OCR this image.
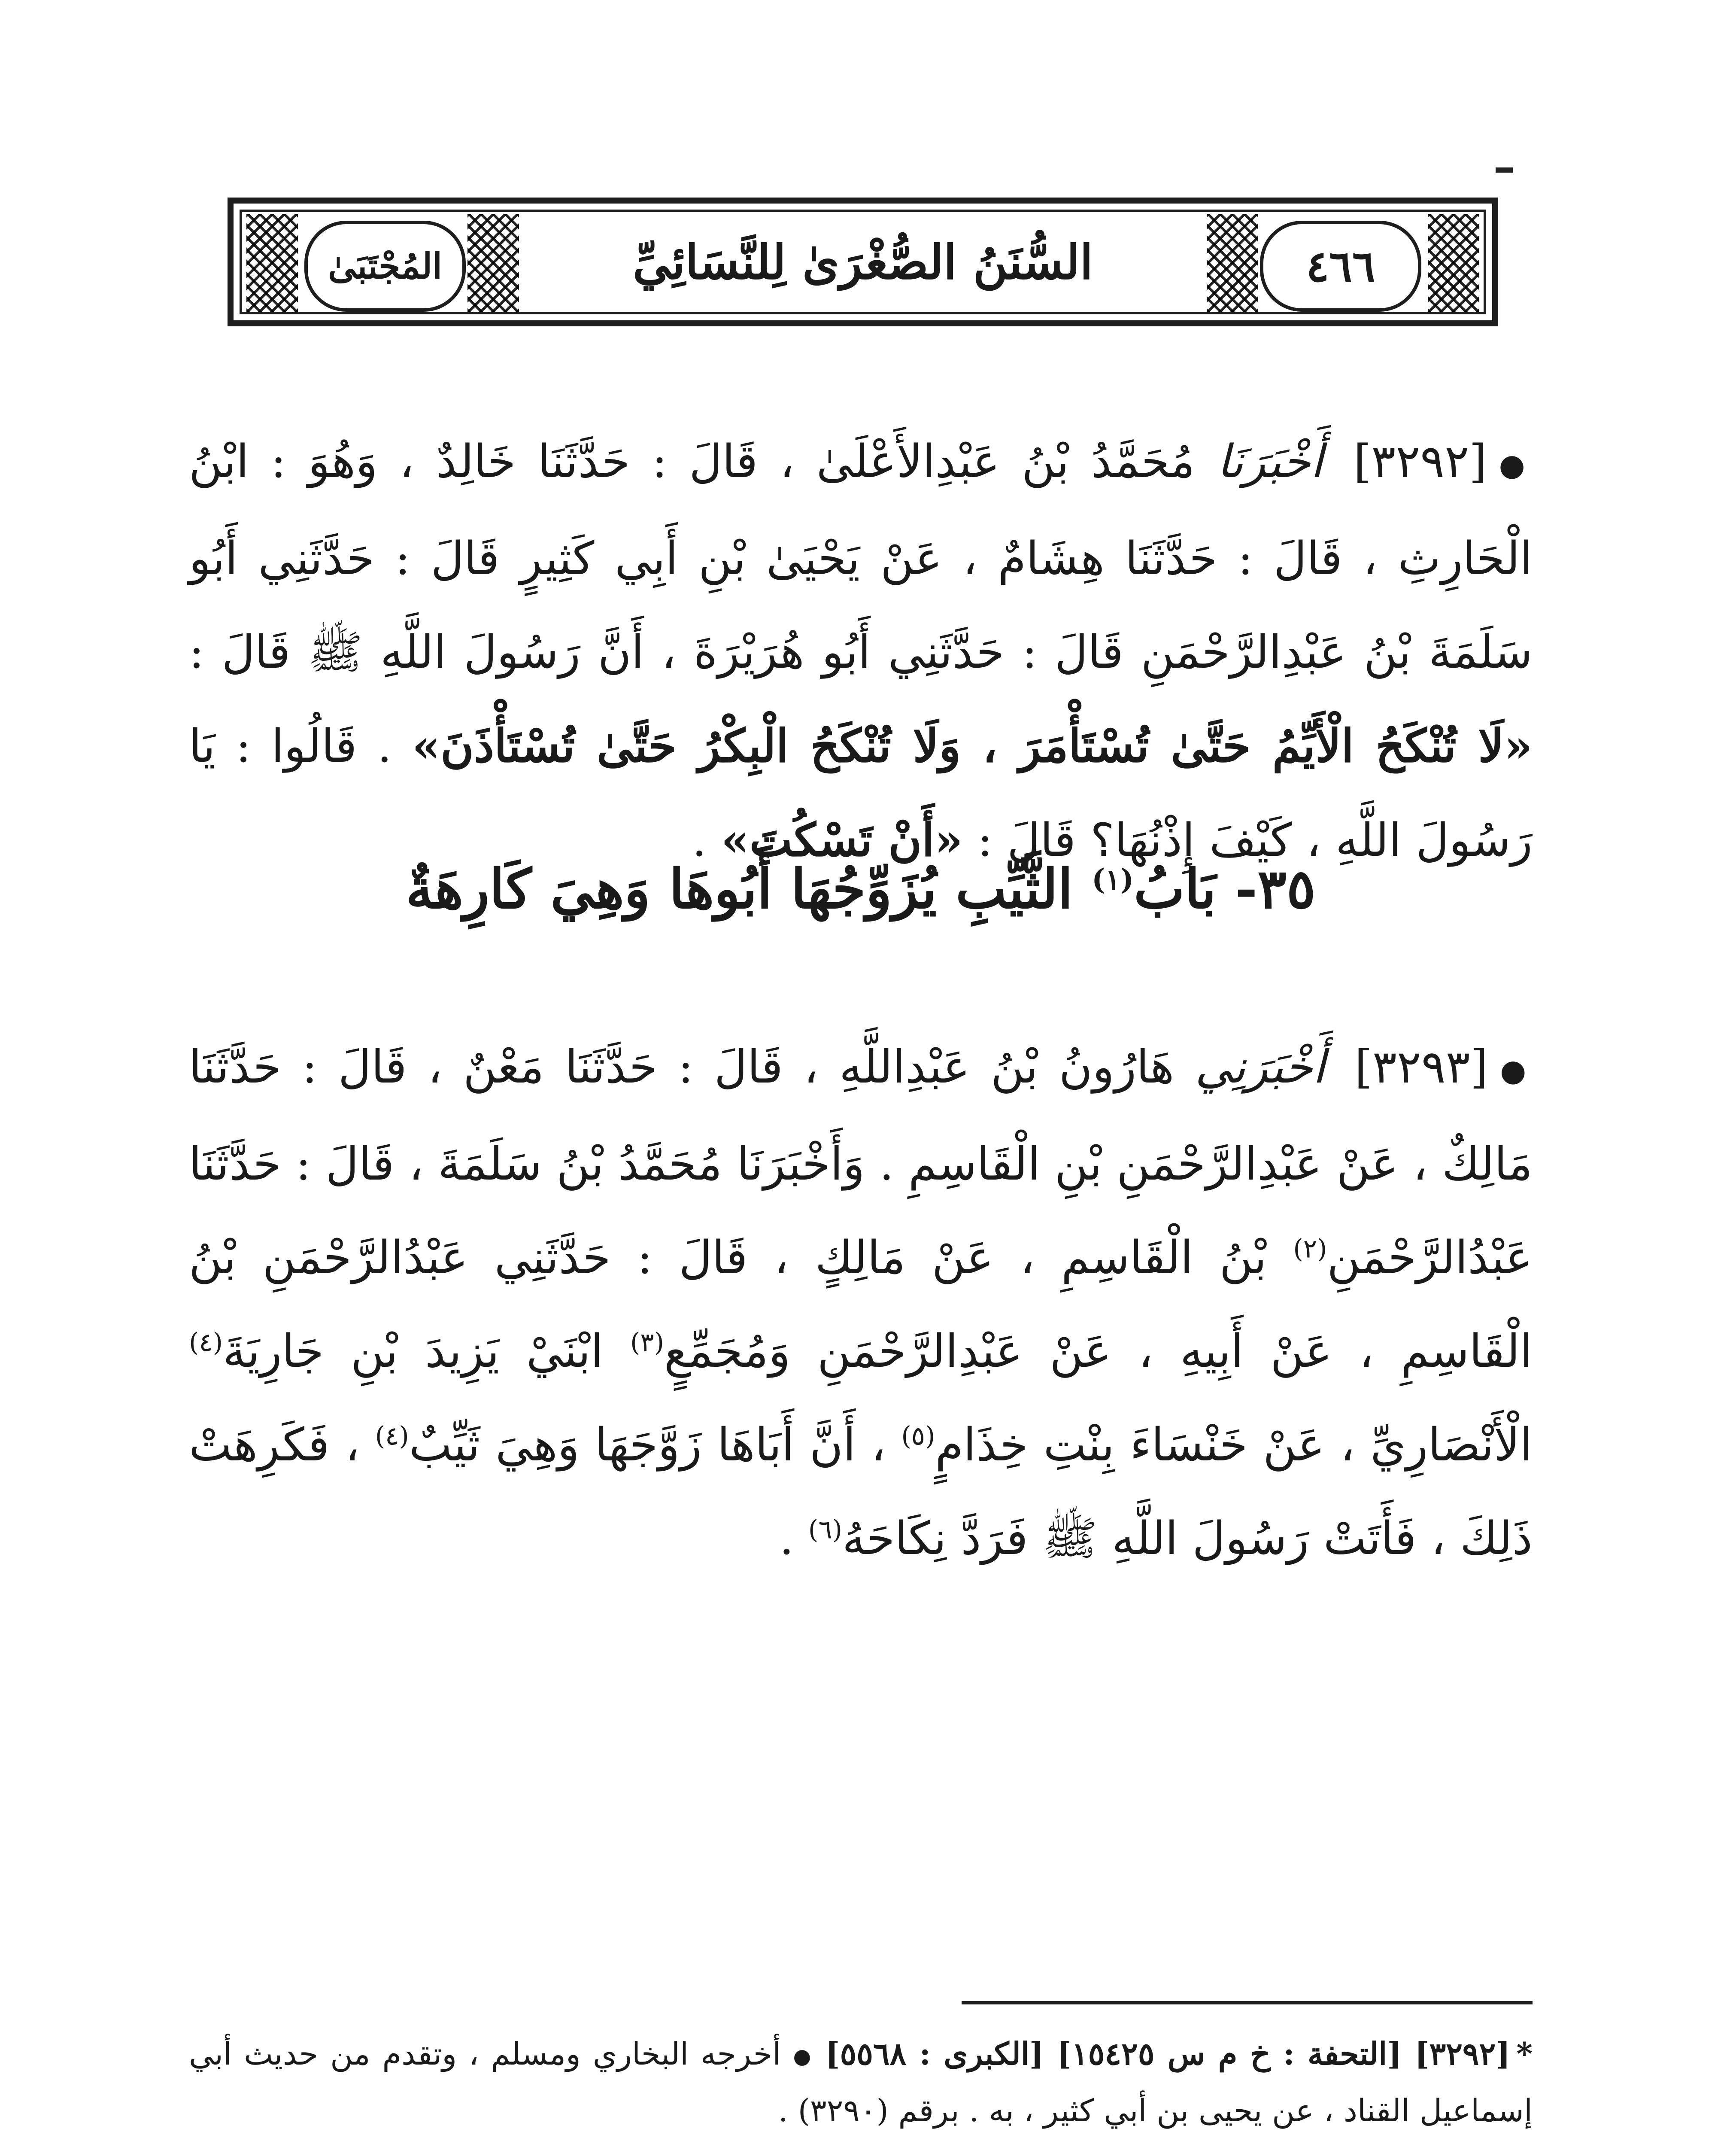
المُجْتَبَىٰ	٤٦٦
السُّنَنُ الصُّغْرَىٰ لِلنَّسَائِيِّ

●[٣٢٩٢] أَخْبَرَنَا مُحَمَّدُ بْنُ عَبْدِالأَعْلَىٰ ، قَالَ : حَدَّثَنَا خَالِدٌ ، وَهُوَ : ابْنُ الْحَارِثِ ، قَالَ : حَدَّثَنَا هِشَامٌ ، عَنْ يَحْيَىٰ بْنِ أَبِي كَثِيرٍ قَالَ : حَدَّثَنِي أَبُو سَلَمَةَ بْنُ عَبْدِالرَّحْمَنِ قَالَ : حَدَّثَنِي أَبُو هُرَيْرَةَ ، أَنَّ رَسُولَ اللَّهِ ﷺ قَالَ : «لَا تُنْكَحُ الْأَيِّمُ حَتَّىٰ تُسْتَأْمَرَ ، وَلَا تُنْكَحُ الْبِكْرُ حَتَّىٰ تُسْتَأْذَنَ» . قَالُوا : يَا رَسُولَ اللَّهِ ، كَيْفَ إِذْنُهَا؟ قَالَ : «أَنْ تَسْكُتَ» .

٣٥- بَابُ$^{(١)}$ الثَّيِّبِ يُزَوِّجُهَا أَبُوهَا وَهِيَ كَارِهَةٌ

●[٣٢٩٣] أَخْبَرَنِي هَارُونُ بْنُ عَبْدِاللَّهِ ، قَالَ : حَدَّثَنَا مَعْنٌ ، قَالَ : حَدَّثَنَا مَالِكٌ ، عَنْ عَبْدِالرَّحْمَنِ بْنِ الْقَاسِمِ . وَأَخْبَرَنَا مُحَمَّدُ بْنُ سَلَمَةَ ، قَالَ : حَدَّثَنَا عَبْدُالرَّحْمَنِ$^{(٢)}$ بْنُ الْقَاسِمِ ، عَنْ مَالِكٍ ، قَالَ : حَدَّثَنِي عَبْدُالرَّحْمَنِ بْنُ الْقَاسِمِ ، عَنْ أَبِيهِ ، عَنْ عَبْدِالرَّحْمَنِ وَمُجَمِّعٍ$^{(٣)}$ ابْنَيْ يَزِيدَ بْنِ جَارِيَةَ$^{(٤)}$ الْأَنْصَارِيِّ ، عَنْ خَنْسَاءَ بِنْتِ خِذَامٍ$^{(٥)}$ ، أَنَّ أَبَاهَا زَوَّجَهَا وَهِيَ ثَيِّبٌ$^{(٤)}$ ، فَكَرِهَتْ ذَلِكَ ، فَأَتَتْ رَسُولَ اللَّهِ ﷺ فَرَدَّ نِكَاحَهُ$^{(٦)}$ .

*[٣٢٩٢] [التحفة : خ م س ١٥٤٢٥] [الكبرى : ٥٥٦٨] ● أخرجه البخاري ومسلم ، وتقدم من حديث أبي إسماعيل القناد ، عن يحيى بن أبي كثير ، به . برقم (٣٢٩٠) .
